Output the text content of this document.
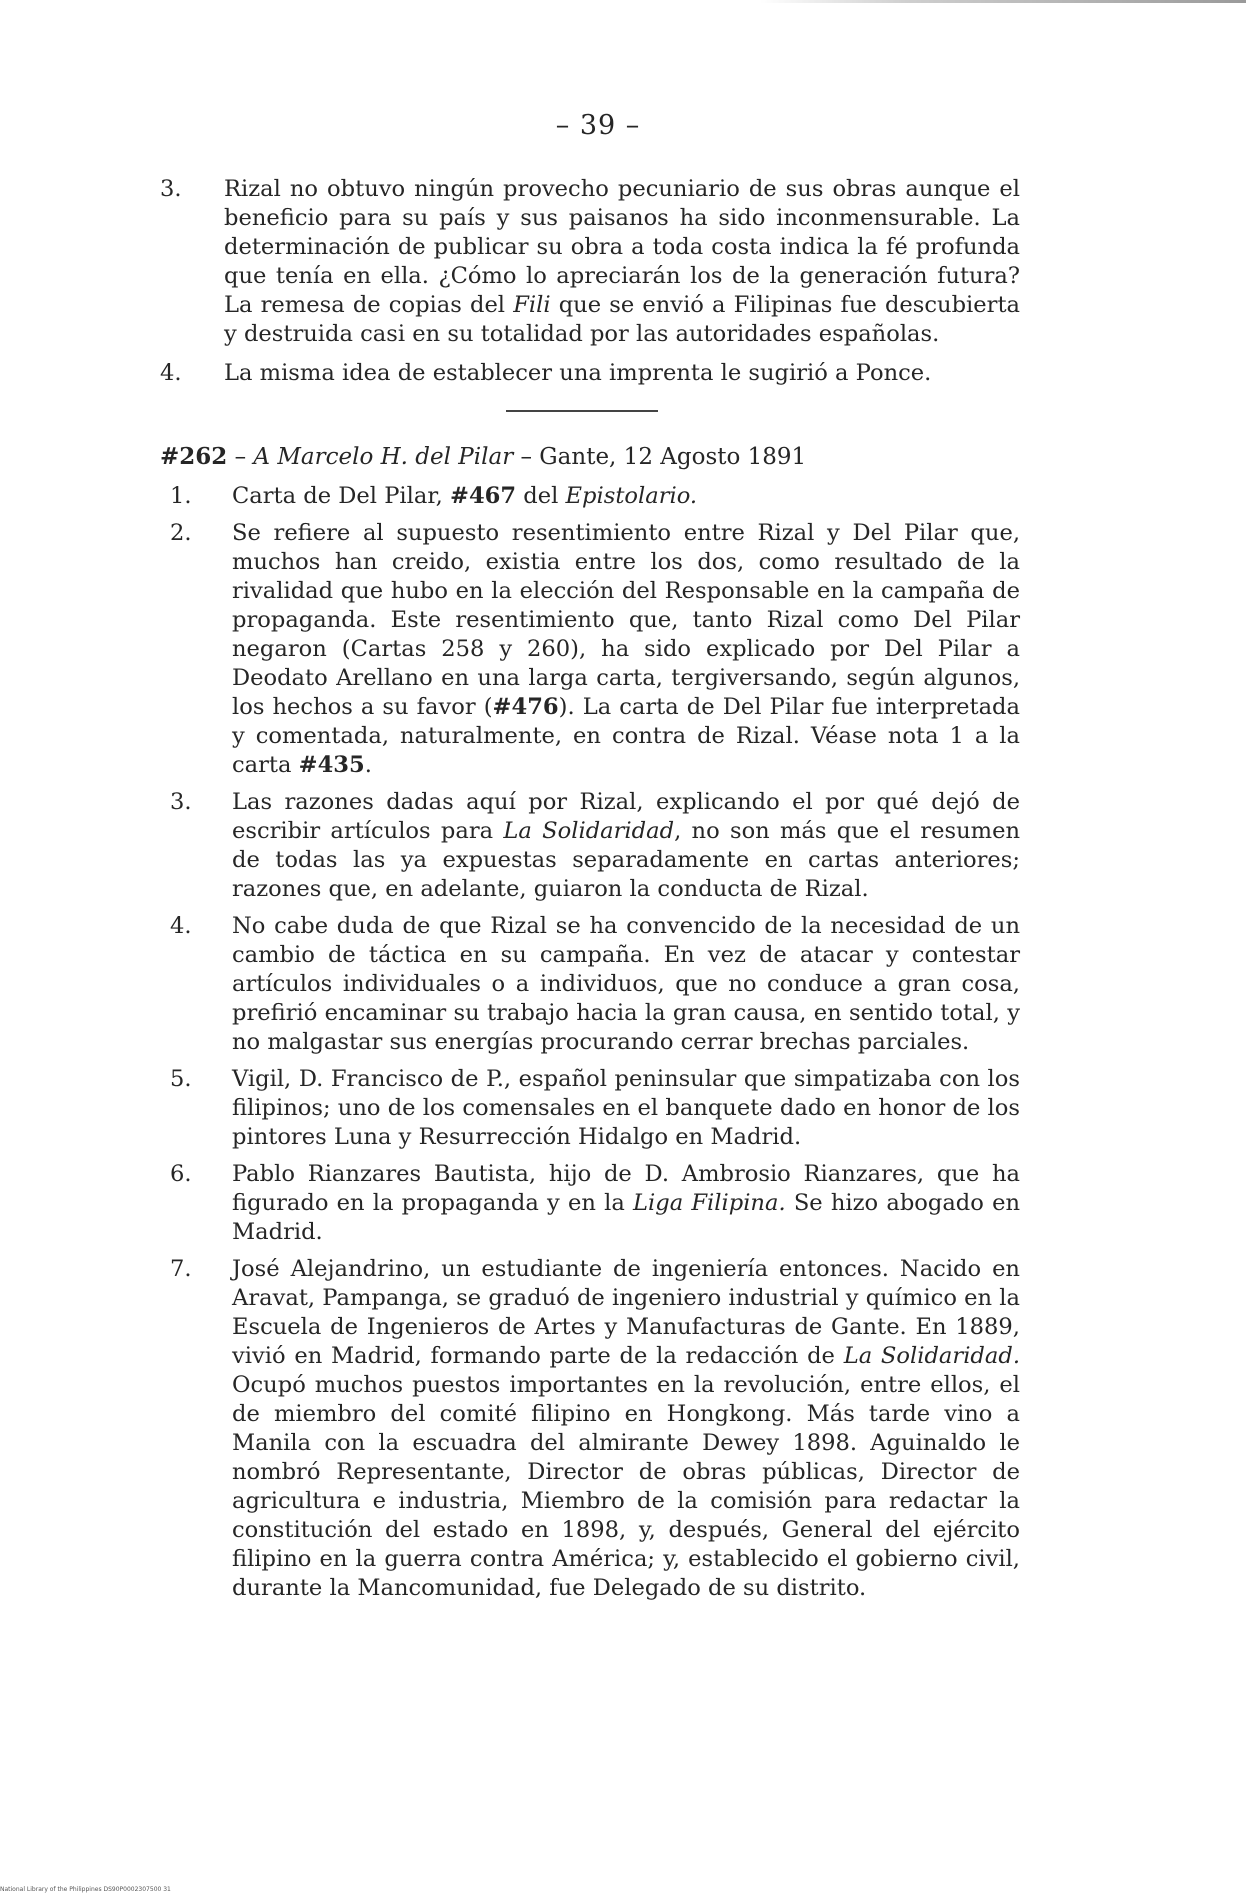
– 39 –
3. Rizal no obtuvo ningún provecho pecuniario de sus obras aunque el beneficio para su país y sus paisanos ha sido inconmensurable. La determinación de publicar su obra a toda costa indica la fé profunda que tenía en ella. ¿Cómo lo apreciarán los de la generación futura? La remesa de copias del Fili que se envió a Filipinas fue descubierta y destruida casi en su totalidad por las autoridades españolas.
4. La misma idea de establecer una imprenta le sugirió a Ponce.
#262 – A Marcelo H. del Pilar – Gante, 12 Agosto 1891
1. Carta de Del Pilar, #467 del Epistolario.
2. Se refiere al supuesto resentimiento entre Rizal y Del Pilar que, muchos han creido, existia entre los dos, como resultado de la rivalidad que hubo en la elección del Responsable en la campaña de propaganda. Este resentimiento que, tanto Rizal como Del Pilar negaron (Cartas 258 y 260), ha sido explicado por Del Pilar a Deodato Arellano en una larga carta, tergiversando, según algunos, los hechos a su favor (#476). La carta de Del Pilar fue interpretada y comentada, naturalmente, en contra de Rizal. Véase nota 1 a la carta #435.
3. Las razones dadas aquí por Rizal, explicando el por qué dejó de escribir artículos para La Solidaridad, no son más que el resumen de todas las ya expuestas separadamente en cartas anteriores; razones que, en adelante, guiaron la conducta de Rizal.
4. No cabe duda de que Rizal se ha convencido de la necesidad de un cambio de táctica en su campaña. En vez de atacar y contestar artículos individuales o a individuos, que no conduce a gran cosa, prefirió encaminar su trabajo hacia la gran causa, en sentido total, y no malgastar sus energías procurando cerrar brechas parciales.
5. Vigil, D. Francisco de P., español peninsular que simpatizaba con los filipinos; uno de los comensales en el banquete dado en honor de los pintores Luna y Resurrección Hidalgo en Madrid.
6. Pablo Rianzares Bautista, hijo de D. Ambrosio Rianzares, que ha figurado en la propaganda y en la Liga Filipina. Se hizo abogado en Madrid.
7. José Alejandrino, un estudiante de ingeniería entonces. Nacido en Aravat, Pampanga, se graduó de ingeniero industrial y químico en la Escuela de Ingenieros de Artes y Manufacturas de Gante. En 1889, vivió en Madrid, formando parte de la redacción de La Solidaridad. Ocupó muchos puestos importantes en la revolución, entre ellos, el de miembro del comité filipino en Hongkong. Más tarde vino a Manila con la escuadra del almirante Dewey 1898. Aguinaldo le nombró Representante, Director de obras públicas, Director de agricultura e industria, Miembro de la comisión para redactar la constitución del estado en 1898, y, después, General del ejército filipino en la guerra contra América; y, establecido el gobierno civil, durante la Mancomunidad, fue Delegado de su distrito.
National Library of the Philippines DS90P0002307500 31
